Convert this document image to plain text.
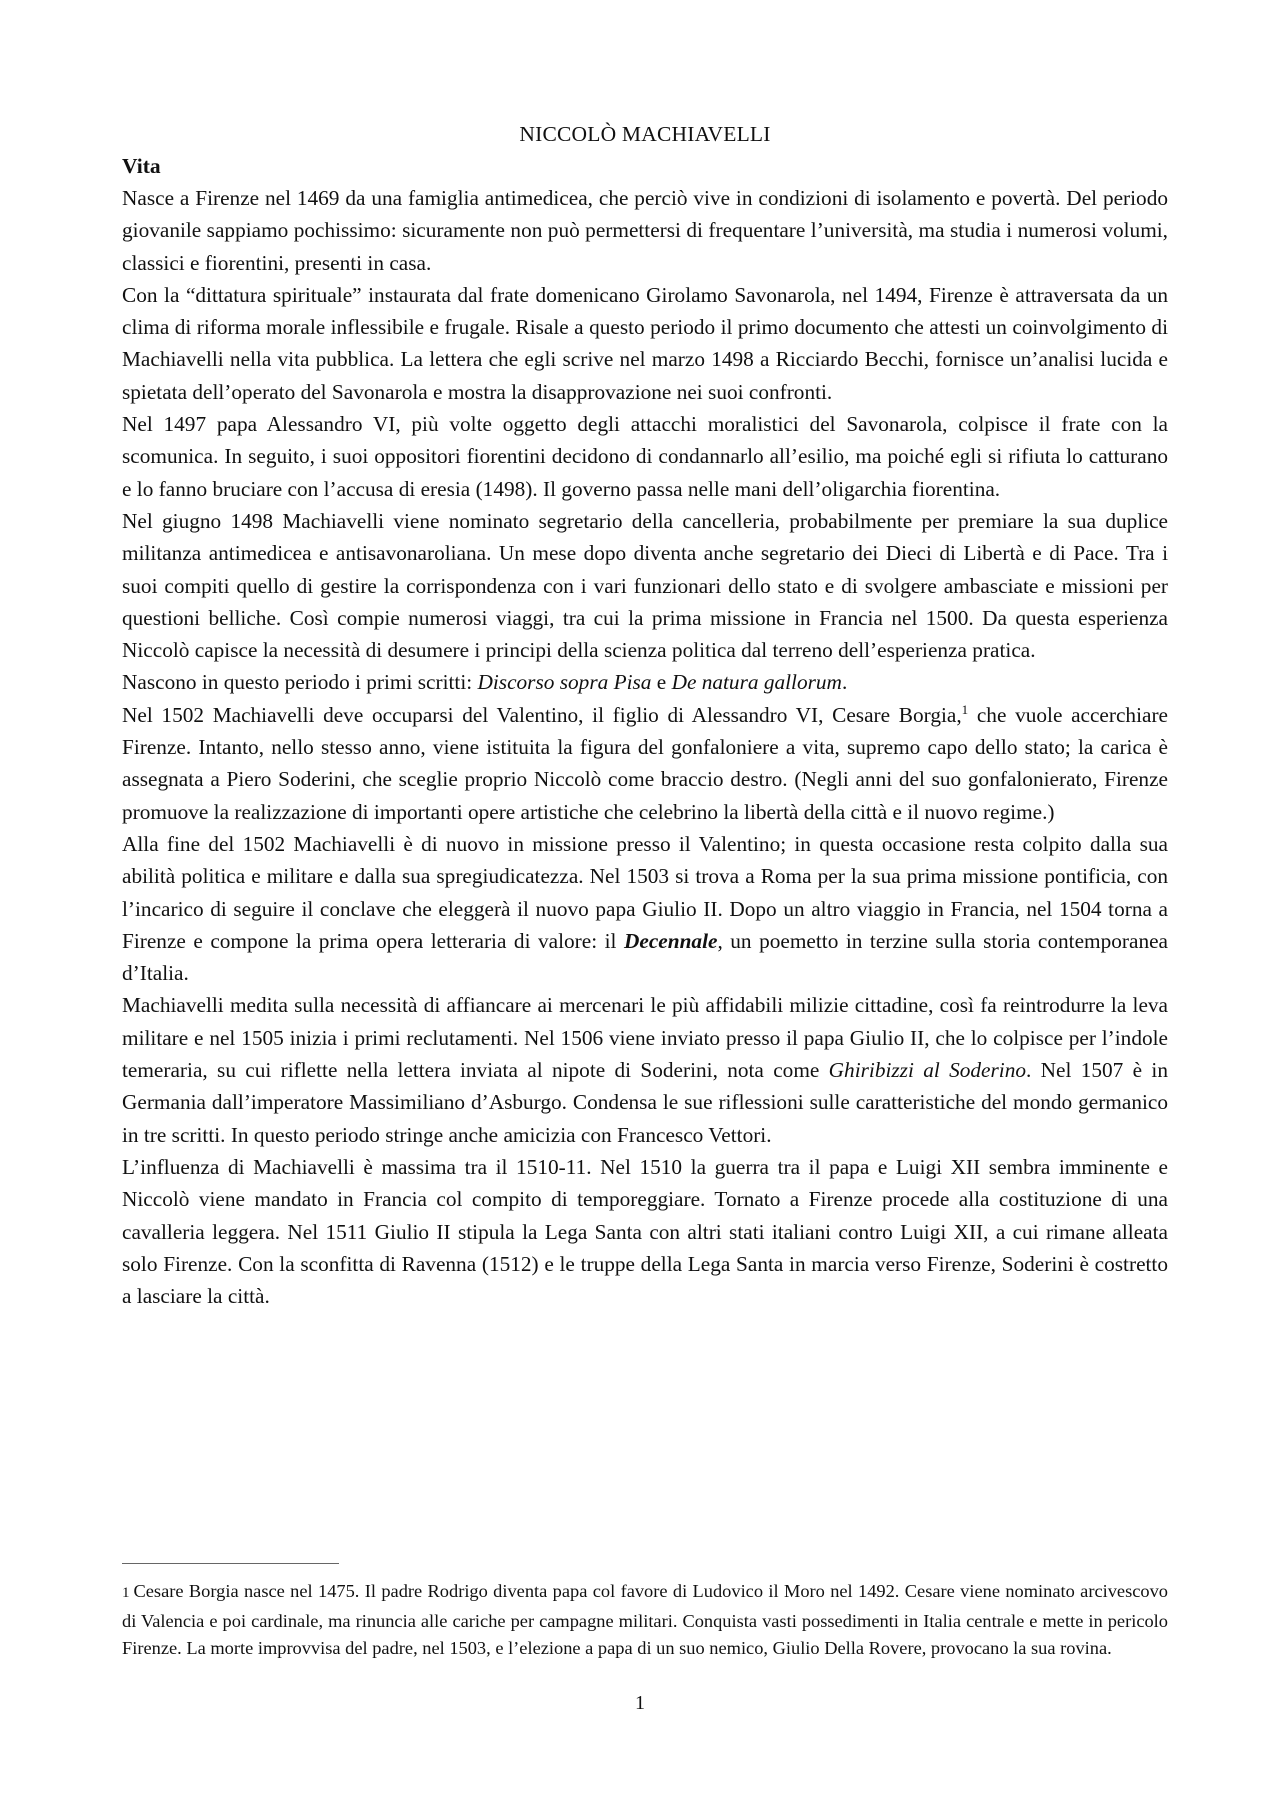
NICCOLÒ MACHIAVELLI
Vita

Nasce a Firenze nel 1469 da una famiglia antimedicea, che perciò vive in condizioni di isolamento e povertà. Del periodo giovanile sappiamo pochissimo: sicuramente non può permettersi di frequentare l’università, ma studia i numerosi volumi, classici e fiorentini, presenti in casa.

Con la “dittatura spirituale” instaurata dal frate domenicano Girolamo Savonarola, nel 1494, Firenze è attraversata da un clima di riforma morale inflessibile e frugale. Risale a questo periodo il primo documento che attesti un coinvolgimento di Machiavelli nella vita pubblica. La lettera che egli scrive nel marzo 1498 a Ricciardo Becchi, fornisce un’analisi lucida e spietata dell’operato del Savonarola e mostra la disapprovazione nei suoi confronti.

Nel 1497 papa Alessandro VI, più volte oggetto degli attacchi moralistici del Savonarola, colpisce il frate con la scomunica. In seguito, i suoi oppositori fiorentini decidono di condannarlo all’esilio, ma poiché egli si rifiuta lo catturano e lo fanno bruciare con l’accusa di eresia (1498). Il governo passa nelle mani dell’oligarchia fiorentina.

Nel giugno 1498 Machiavelli viene nominato segretario della cancelleria, probabilmente per premiare la sua duplice militanza antimedicea e antisavonaroliana. Un mese dopo diventa anche segretario dei Dieci di Libertà e di Pace. Tra i suoi compiti quello di gestire la corrispondenza con i vari funzionari dello stato e di svolgere ambasciate e missioni per questioni belliche. Così compie numerosi viaggi, tra cui la prima missione in Francia nel 1500. Da questa esperienza Niccolò capisce la necessità di desumere i principi della scienza politica dal terreno dell’esperienza pratica.

Nascono in questo periodo i primi scritti: Discorso sopra Pisa e De natura gallorum.

Nel 1502 Machiavelli deve occuparsi del Valentino, il figlio di Alessandro VI, Cesare Borgia,$^1$ che vuole accerchiare Firenze. Intanto, nello stesso anno, viene istituita la figura del gonfaloniere a vita, supremo capo dello stato; la carica è assegnata a Piero Soderini, che sceglie proprio Niccolò come braccio destro. (Negli anni del suo gonfalonierato, Firenze promuove la realizzazione di importanti opere artistiche che celebrino la libertà della città e il nuovo regime.)

Alla fine del 1502 Machiavelli è di nuovo in missione presso il Valentino; in questa occasione resta colpito dalla sua abilità politica e militare e dalla sua spregiudicatezza. Nel 1503 si trova a Roma per la sua prima missione pontificia, con l’incarico di seguire il conclave che eleggerà il nuovo papa Giulio II. Dopo un altro viaggio in Francia, nel 1504 torna a Firenze e compone la prima opera letteraria di valore: il Decennale, un poemetto in terzine sulla storia contemporanea d’Italia.

Machiavelli medita sulla necessità di affiancare ai mercenari le più affidabili milizie cittadine, così fa reintrodurre la leva militare e nel 1505 inizia i primi reclutamenti. Nel 1506 viene inviato presso il papa Giulio II, che lo colpisce per l’indole temeraria, su cui riflette nella lettera inviata al nipote di Soderini, nota come Ghiribizzi al Soderino. Nel 1507 è in Germania dall’imperatore Massimiliano d’Asburgo. Condensa le sue riflessioni sulle caratteristiche del mondo germanico in tre scritti. In questo periodo stringe anche amicizia con Francesco Vettori.

L’influenza di Machiavelli è massima tra il 1510-11. Nel 1510 la guerra tra il papa e Luigi XII sembra imminente e Niccolò viene mandato in Francia col compito di temporeggiare. Tornato a Firenze procede alla costituzione di una cavalleria leggera. Nel 1511 Giulio II stipula la Lega Santa con altri stati italiani contro Luigi XII, a cui rimane alleata solo Firenze. Con la sconfitta di Ravenna (1512) e le truppe della Lega Santa in marcia verso Firenze, Soderini è costretto a lasciare la città.

1 Cesare Borgia nasce nel 1475. Il padre Rodrigo diventa papa col favore di Ludovico il Moro nel 1492. Cesare viene nominato arcivescovo di Valencia e poi cardinale, ma rinuncia alle cariche per campagne militari. Conquista vasti possedimenti in Italia centrale e mette in pericolo Firenze. La morte improvvisa del padre, nel 1503, e l’elezione a papa di un suo nemico, Giulio Della Rovere, provocano la sua rovina.

1
